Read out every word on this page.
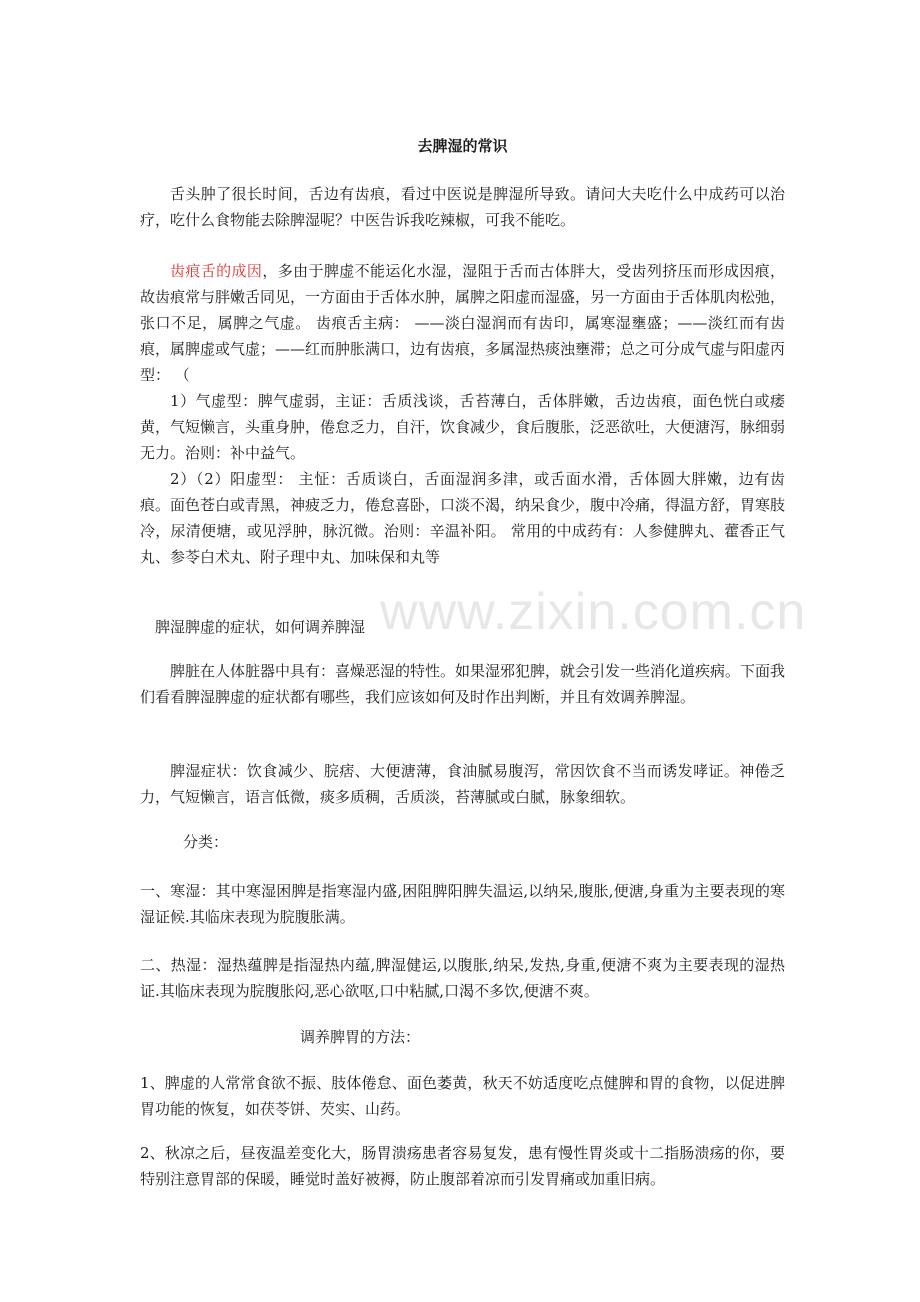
www.zixin.com.cn
去脾湿的常识

舌头肿了很长时间，舌边有齿痕，看过中医说是脾湿所导致。请问大夫吃什么中成药可以治疗，吃什么食物能去除脾湿呢？中医告诉我吃辣椒，可我不能吃。

齿痕舌的成因，多由于脾虚不能运化水湿，湿阻于舌而古体胖大，受齿列挤压而形成因痕，故齿痕常与胖嫩舌同见，一方面由于舌体水肿，属脾之阳虚而湿盛，另一方面由于舌体肌肉松弛，张口不足，属脾之气虚。 齿痕舌主病： ——淡白湿润而有齿印，属寒湿壅盛；——淡红而有齿痕，属脾虚或气虚；——红而肿胀满口，边有齿痕，多属湿热痰浊壅滞；总之可分成气虚与阳虚丙型： （

1）气虚型：脾气虚弱，主证：舌质浅谈，舌苔薄白，舌体胖嫩，舌边齿痕，面色恍白或痿黄，气短懒言，头重身肿，倦怠乏力，自汗，饮食减少，食后腹胀，泛恶欲吐，大便溏泻，脉细弱无力。治则：补中益气。

2）（2）阳虚型： 主怔：舌质谈白，舌面湿润多津，或舌面水滑，舌体圆大胖嫩，边有齿痕。面色苍白或青黑，神疲乏力，倦怠喜卧，口淡不渴，纳呆食少，腹中冷痛，得温方舒，胃寒肢冷，尿清便塘，或见浮肿，脉沉微。治则：辛温补阳。 常用的中成药有：人参健脾丸、藿香正气丸、参苓白术丸、附子理中丸、加味保和丸等

脾湿脾虚的症状，如何调养脾湿

脾脏在人体脏器中具有：喜燥恶湿的特性。如果湿邪犯脾，就会引发一些消化道疾病。下面我们看看脾湿脾虚的症状都有哪些，我们应该如何及时作出判断，并且有效调养脾湿。

脾湿症状：饮食减少、脘痞、大便溏薄，食油腻易腹泻，常因饮食不当而诱发哮证。神倦乏力，气短懒言，语言低微，痰多质稠，舌质淡，苔薄腻或白腻，脉象细软。

分类：

一、寒湿：其中寒湿困脾是指寒湿内盛,困阻脾阳脾失温运,以纳呆,腹胀,便溏,身重为主要表现的寒湿证候.其临床表现为脘腹胀满。

二、热湿：湿热蕴脾是指湿热内蕴,脾湿健运,以腹胀,纳呆,发热,身重,便溏不爽为主要表现的湿热证.其临床表现为脘腹胀闷,恶心欲呕,口中粘腻,口渴不多饮,便溏不爽。

调养脾胃的方法：

1、脾虚的人常常食欲不振、肢体倦怠、面色萎黄，秋天不妨适度吃点健脾和胃的食物，以促进脾胃功能的恢复，如茯苓饼、芡实、山药。

2、秋凉之后，昼夜温差变化大，肠胃溃疡患者容易复发，患有慢性胃炎或十二指肠溃疡的你，要特别注意胃部的保暖，睡觉时盖好被褥，防止腹部着凉而引发胃痛或加重旧病。
